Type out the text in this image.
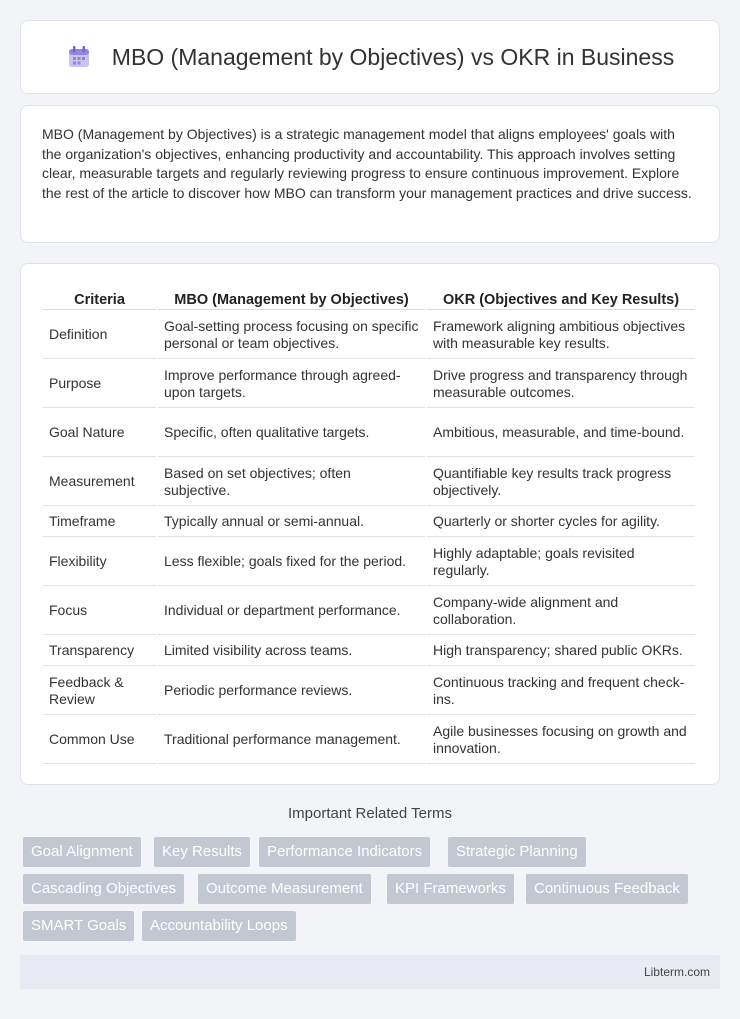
MBO (Management by Objectives) vs OKR in Business

MBO (Management by Objectives) is a strategic management model that aligns employees' goals with the organization's objectives, enhancing productivity and accountability. This approach involves setting clear, measurable targets and regularly reviewing progress to ensure continuous improvement. Explore the rest of the article to discover how MBO can transform your management practices and drive success.

Criteria	MBO (Management by Objectives)	OKR (Objectives and Key Results)
Definition	Goal-setting process focusing on specific personal or team objectives.	Framework aligning ambitious objectives with measurable key results.
Purpose	Improve performance through agreed-upon targets.	Drive progress and transparency through measurable outcomes.
Goal Nature	Specific, often qualitative targets.	Ambitious, measurable, and time-bound.
Measurement	Based on set objectives; often subjective.	Quantifiable key results track progress objectively.
Timeframe	Typically annual or semi-annual.	Quarterly or shorter cycles for agility.
Flexibility	Less flexible; goals fixed for the period.	Highly adaptable; goals revisited regularly.
Focus	Individual or department performance.	Company-wide alignment and collaboration.
Transparency	Limited visibility across teams.	High transparency; shared public OKRs.
Feedback & Review	Periodic performance reviews.	Continuous tracking and frequent check-ins.
Common Use	Traditional performance management.	Agile businesses focusing on growth and innovation.
Important Related Terms
Goal Alignment	Key Results	Performance Indicators	Strategic Planning
Cascading Objectives	Outcome Measurement	KPI Frameworks	Continuous Feedback
SMART Goals	Accountability Loops
Libterm.com
